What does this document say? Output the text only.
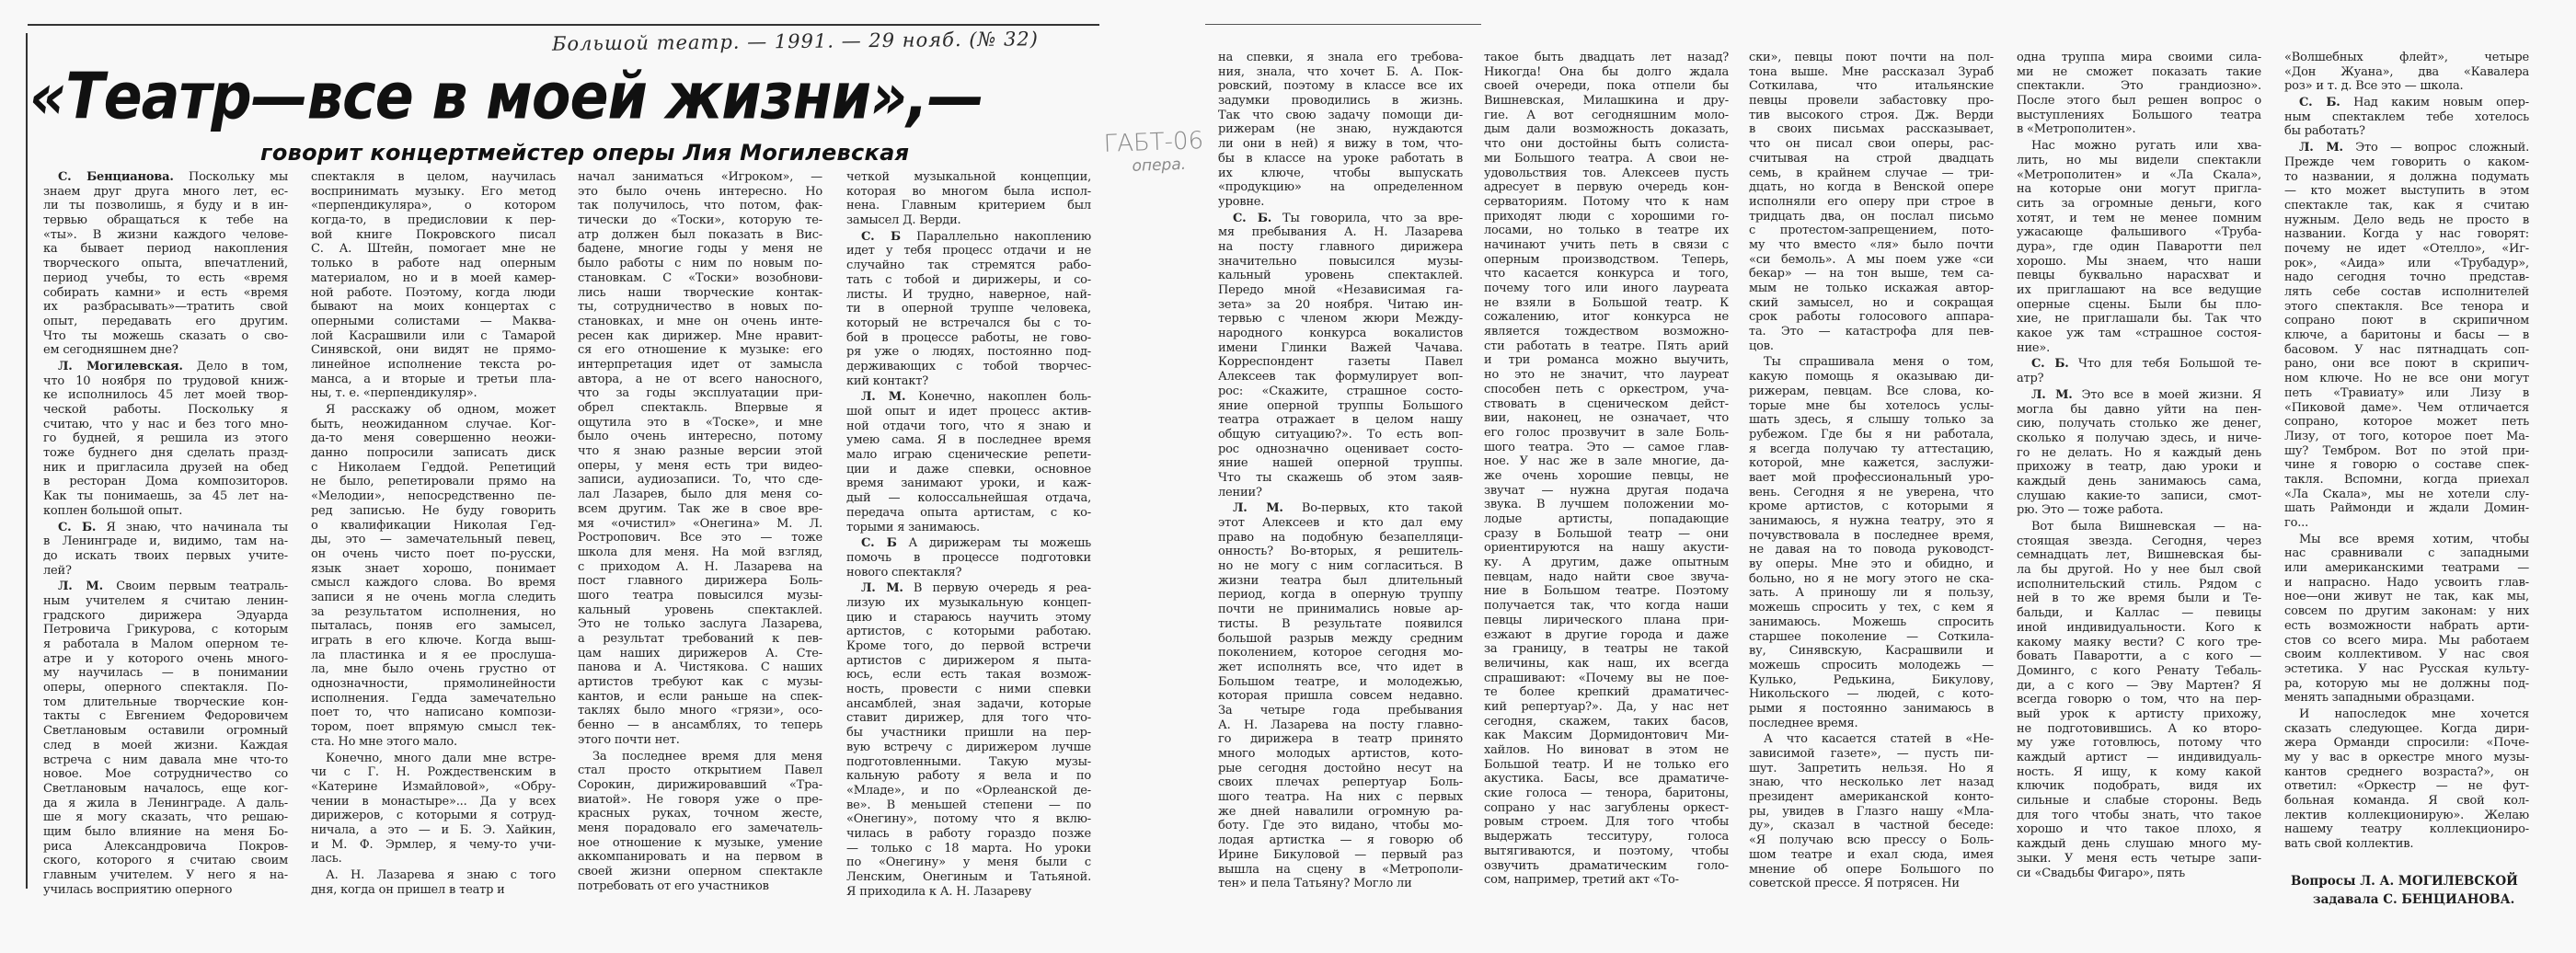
Большой театр. — 1991. — 29 нояб. (№ 32)
ГАБТ-06
опера.
«Театр—все в моей жизни»,—
говорит концертмейстер оперы Лия Могилевская
С. Бенцианова. Поскольку мы
знаем друг друга много лет, ес-
ли ты позволишь, я буду и в ин-
тервью обращаться к тебе на
«ты». В жизни каждого челове-
ка бывает период накопления
творческого опыта, впечатлений,
период учебы, то есть «время
собирать камни» и есть «время
их разбрасывать»—тратить свой
опыт, передавать его другим.
Что ты можешь сказать о сво-
ем сегодняшнем дне?
Л. Могилевская. Дело в том,
что 10 ноября по трудовой книж-
ке исполнилось 45 лет моей твор-
ческой работы. Поскольку я
считаю, что у нас и без того мно-
го будней, я решила из этого
тоже буднего дня сделать празд-
ник и пригласила друзей на обед
в ресторан Дома композиторов.
Как ты понимаешь, за 45 лет на-
коплен большой опыт.
С. Б. Я знаю, что начинала ты
в Ленинграде и, видимо, там на-
до искать твоих первых учите-
лей?
Л. М. Своим первым театраль-
ным учителем я считаю ленин-
градского дирижера Эдуарда
Петровича Грикурова, с которым
я работала в Малом оперном те-
атре и у которого очень много-
му научилась — в понимании
оперы, оперного спектакля. По-
том длительные творческие кон-
такты с Евгением Федоровичем
Светлановым оставили огромный
след в моей жизни. Каждая
встреча с ним давала мне что-то
новое. Мое сотрудничество со
Светлановым началось, еще ког-
да я жила в Ленинграде. А даль-
ше я могу сказать, что решаю-
щим было влияние на меня Бо-
риса Александровича Покров-
ского, которого я считаю своим
главным учителем. У него я на-
училась восприятию оперного
спектакля в целом, научилась
воспринимать музыку. Его метод
«перпендикуляра», о котором
когда-то, в предисловии к пер-
вой книге Покровского писал
С. А. Штейн, помогает мне не
только в работе над оперным
материалом, но и в моей камер-
ной работе. Поэтому, когда люди
бывают на моих концертах с
оперными солистами — Маква-
лой Касрашвили или с Тамарой
Синявской, они видят не прямо-
линейное исполнение текста ро-
манса, а и вторые и третьи пла-
ны, т. е. «перпендикуляр».
Я расскажу об одном, может
быть, неожиданном случае. Ког-
да-то меня совершенно неожи-
данно попросили записать диск
с Николаем Геддой. Репетиций
не было, репетировали прямо на
«Мелодии», непосредственно пе-
ред записью. Не буду говорить
о квалификации Николая Гед-
ды, это — замечательный певец,
он очень чисто поет по-русски,
язык знает хорошо, понимает
смысл каждого слова. Во время
записи я не очень могла следить
за результатом исполнения, но
пыталась, поняв его замысел,
играть в его ключе. Когда выш-
ла пластинка и я ее прослуша-
ла, мне было очень грустно от
однозначности, прямолинейности
исполнения. Гедда замечательно
поет то, что написано компози-
тором, поет впрямую смысл тек-
ста. Но мне этого мало.
Конечно, много дали мне встре-
чи с Г. Н. Рождественским в
«Катерине Измайловой», «Обру-
чении в монастыре»... Да у всех
дирижеров, с которыми я сотруд-
ничала, а это — и Б. Э. Хайкин,
и М. Ф. Эрмлер, я чему-то учи-
лась.
А. Н. Лазарева я знаю с того
дня, когда он пришел в театр и
начал заниматься «Игроком», —
это было очень интересно. Но
так получилось, что потом, фак-
тически до «Тоски», которую те-
атр должен был показать в Вис-
бадене, многие годы у меня не
было работы с ним по новым по-
становкам. С «Тоски» возобнови-
лись наши творческие контак-
ты, сотрудничество в новых по-
становках, и мне он очень инте-
ресен как дирижер. Мне нравит-
ся его отношение к музыке: его
интерпретация идет от замысла
автора, а не от всего наносного,
что за годы эксплуатации при-
обрел спектакль. Впервые я
ощутила это в «Тоске», и мне
было очень интересно, потому
что я знаю разные версии этой
оперы, у меня есть три видео-
записи, аудиозаписи. То, что сде-
лал Лазарев, было для меня со-
всем другим. Так же в свое вре-
мя «очистил» «Онегина» М. Л.
Ростропович. Все это — тоже
школа для меня. На мой взгляд,
с приходом А. Н. Лазарева на
пост главного дирижера Боль-
шого театра повысился музы-
кальный уровень спектаклей.
Это не только заслуга Лазарева,
а результат требований к пев-
цам наших дирижеров А. Сте-
панова и А. Чистякова. С наших
артистов требуют как с музы-
кантов, и если раньше на спек-
таклях было много «грязи», осо-
бенно — в ансамблях, то теперь
этого почти нет.
За последнее время для меня
стал просто открытием Павел
Сорокин, дирижировавший «Тра-
виатой». Не говоря уже о пре-
красных руках, точном жесте,
меня порадовало его замечатель-
ное отношение к музыке, умение
аккомпанировать и на первом в
своей жизни оперном спектакле
потребовать от его участников
четкой музыкальной концепции,
которая во многом была испол-
нена. Главным критерием был
замысел Д. Верди.
С. Б Параллельно накоплению
идет у тебя процесс отдачи и не
случайно так стремятся рабо-
тать с тобой и дирижеры, и со-
листы. И трудно, наверное, най-
ти в оперной труппе человека,
который не встречался бы с то-
бой в процессе работы, не гово-
ря уже о людях, постоянно под-
держивающих с тобой творчес-
кий контакт?
Л. М. Конечно, накоплен боль-
шой опыт и идет процесс актив-
ной отдачи того, что я знаю и
умею сама. Я в последнее время
мало играю сценические репети-
ции и даже спевки, основное
время занимают уроки, и каж-
дый — колоссальнейшая отдача,
передача опыта артистам, с ко-
торыми я занимаюсь.
С. Б А дирижерам ты можешь
помочь в процессе подготовки
нового спектакля?
Л. М. В первую очередь я реа-
лизую их музыкальную концеп-
цию и стараюсь научить этому
артистов, с которыми работаю.
Кроме того, до первой встречи
артистов с дирижером я пыта-
юсь, если есть такая возмож-
ность, провести с ними спевки
ансамблей, зная задачи, которые
ставит дирижер, для того что-
бы участники пришли на пер-
вую встречу с дирижером лучше
подготовленными. Такую музы-
кальную работу я вела и по
«Младе», и по «Орлеанской де-
ве». В меньшей степени — по
«Онегину», потому что я вклю-
чилась в работу гораздо позже
— только с 18 марта. Но уроки
по «Онегину» у меня были с
Ленским, Онегиным и Татьяной.
Я приходила к А. Н. Лазареву
на спевки, я знала его требова-
ния, знала, что хочет Б. А. Пок-
ровский, поэтому в классе все их
задумки проводились в жизнь.
Так что свою задачу помощи ди-
рижерам (не знаю, нуждаются
ли они в ней) я вижу в том, что-
бы в классе на уроке работать в
их ключе, чтобы выпускать
«продукцию» на определенном
уровне.
С. Б. Ты говорила, что за вре-
мя пребывания А. Н. Лазарева
на посту главного дирижера
значительно повысился музы-
кальный уровень спектаклей.
Передо мной «Независимая га-
зета» за 20 ноября. Читаю ин-
тервью с членом жюри Между-
народного конкурса вокалистов
имени Глинки Важей Чачава.
Корреспондент газеты Павел
Алексеев так формулирует воп-
рос: «Скажите, страшное состо-
яние оперной труппы Большого
театра отражает в целом нашу
общую ситуацию?». То есть воп-
рос однозначно оценивает состо-
яние нашей оперной труппы.
Что ты скажешь об этом заяв-
лении?
Л. М. Во-первых, кто такой
этот Алексеев и кто дал ему
право на подобную безапелляци-
онность? Во-вторых, я решитель-
но не могу с ним согласиться. В
жизни театра был длительный
период, когда в оперную труппу
почти не принимались новые ар-
тисты. В результате появился
большой разрыв между средним
поколением, которое сегодня мо-
жет исполнять все, что идет в
Большом театре, и молодежью,
которая пришла совсем недавно.
За четыре года пребывания
А. Н. Лазарева на посту главно-
го дирижера в театр принято
много молодых артистов, кото-
рые сегодня достойно несут на
своих плечах репертуар Боль-
шого театра. На них с первых
же дней навалили огромную ра-
боту. Где это видано, чтобы мо-
лодая артистка — я говорю об
Ирине Бикуловой — первый раз
вышла на сцену в «Метрополи-
тен» и пела Татьяну? Могло ли
такое быть двадцать лет назад?
Никогда! Она бы долго ждала
своей очереди, пока отпели бы
Вишневская, Милашкина и дру-
гие. А вот сегодняшним моло-
дым дали возможность доказать,
что они достойны быть солиста-
ми Большого театра. А свои не-
удовольствия тов. Алексеев пусть
адресует в первую очередь кон-
серваториям. Потому что к нам
приходят люди с хорошими го-
лосами, но только в театре их
начинают учить петь в связи с
оперным производством. Теперь,
что касается конкурса и того,
почему того или иного лауреата
не взяли в Большой театр. К
сожалению, итог конкурса не
является тождеством возможно-
сти работать в театре. Пять арий
и три романса можно выучить,
но это не значит, что лауреат
способен петь с оркестром, уча-
ствовать в сценическом дейст-
вии, наконец, не означает, что
его голос прозвучит в зале Боль-
шого театра. Это — самое глав-
ное. У нас же в зале многие, да-
же очень хорошие певцы, не
звучат — нужна другая подача
звука. В лучшем положении мо-
лодые артисты, попадающие
сразу в Большой театр — они
ориентируются на нашу акусти-
ку. А другим, даже опытным
певцам, надо найти свое звуча-
ние в Большом театре. Поэтому
получается так, что когда наши
певцы лирического плана при-
езжают в другие города и даже
за границу, в театры не такой
величины, как наш, их всегда
спрашивают: «Почему вы не пое-
те более крепкий драматичес-
кий репертуар?». Да, у нас нет
сегодня, скажем, таких басов,
как Максим Дормидонтович Ми-
хайлов. Но виноват в этом не
Большой театр. И не только его
акустика. Басы, все драматиче-
ские голоса — тенора, баритоны,
сопрано у нас загублены оркест-
ровым строем. Для того чтобы
выдержать тесситуру, голоса
вытягиваются, и поэтому, чтобы
озвучить драматическим голо-
сом, например, третий акт «То-
ски», певцы поют почти на пол-
тона выше. Мне рассказал Зураб
Соткилава, что итальянские
певцы провели забастовку про-
тив высокого строя. Дж. Верди
в своих письмах рассказывает,
что он писал свои оперы, рас-
считывая на строй двадцать
семь, в крайнем случае — три-
дцать, но когда в Венской опере
исполняли его оперу при строе в
тридцать два, он послал письмо
с протестом-запрещением, пото-
му что вместо «ля» было почти
«си бемоль». А мы поем уже «си
бекар» — на тон выше, тем са-
мым не только искажая автор-
ский замысел, но и сокращая
срок работы голосового аппара-
та. Это — катастрофа для пев-
цов.
Ты спрашивала меня о том,
какую помощь я оказываю ди-
рижерам, певцам. Все слова, ко-
торые мне бы хотелось услы-
шать здесь, я слышу только за
рубежом. Где бы я ни работала,
я всегда получаю ту аттестацию,
которой, мне кажется, заслужи-
вает мой профессиональный уро-
вень. Сегодня я не уверена, что
кроме артистов, с которыми я
занимаюсь, я нужна театру, это я
почувствовала в последнее время,
не давая на то повода руководст-
ву оперы. Мне это и обидно, и
больно, но я не могу этого не ска-
зать. А приношу ли я пользу,
можешь спросить у тех, с кем я
занимаюсь. Можешь спросить
старшее поколение — Соткила-
ву, Синявскую, Касрашвили и
можешь спросить молодежь —
Кулько, Редькина, Бикулову,
Никольского — людей, с кото-
рыми я постоянно занимаюсь в
последнее время.
А что касается статей в «Не-
зависимой газете», — пусть пи-
шут. Запретить нельзя. Но я
знаю, что несколько лет назад
президент американской конто-
ры, увидев в Глазго нашу «Мла-
ду», сказал в частной беседе:
«Я получаю всю прессу о Боль-
шом театре и ехал сюда, имея
мнение об опере Большого по
советской прессе. Я потрясен. Ни
одна труппа мира своими сила-
ми не сможет показать такие
спектакли. Это грандиозно».
После этого был решен вопрос о
выступлениях Большого театра
в «Метрополитен».
Нас можно ругать или хва-
лить, но мы видели спектакли
«Метрополитен» и «Ла Скала»,
на которые они могут пригла-
сить за огромные деньги, кого
хотят, и тем не менее помним
ужасающе фальшивого «Труба-
дура», где один Паваротти пел
хорошо. Мы знаем, что наши
певцы буквально нарасхват и
их приглашают на все ведущие
оперные сцены. Были бы пло-
хие, не приглашали бы. Так что
какое уж там «страшное состоя-
ние».
С. Б. Что для тебя Большой те-
атр?
Л. М. Это все в моей жизни. Я
могла бы давно уйти на пен-
сию, получать столько же денег,
сколько я получаю здесь, и ниче-
го не делать. Но я каждый день
прихожу в театр, даю уроки и
каждый день занимаюсь сама,
слушаю какие-то записи, смот-
рю. Это — тоже работа.
Вот была Вишневская — на-
стоящая звезда. Сегодня, через
семнадцать лет, Вишневская бы-
ла бы другой. Но у нее был свой
исполнительский стиль. Рядом с
ней в то же время были и Те-
бальди, и Каллас — певицы
иной индивидуальности. Кого к
какому маяку вести? С кого тре-
бовать Паваротти, а с кого —
Доминго, с кого Ренату Тебаль-
ди, а с кого — Эву Мартен? Я
всегда говорю о том, что на пер-
вый урок к артисту прихожу,
не подготовившись. А ко второ-
му уже готовлюсь, потому что
каждый артист — индивидуаль-
ность. Я ищу, к кому какой
ключик подобрать, видя их
сильные и слабые стороны. Ведь
для того чтобы знать, что такое
хорошо и что такое плохо, я
каждый день слушаю много му-
зыки. У меня есть четыре запи-
си «Свадьбы Фигаро», пять
«Волшебных флейт», четыре
«Дон Жуана», два «Кавалера
роз» и т. д. Все это — школа.
С. Б. Над каким новым опер-
ным спектаклем тебе хотелось
бы работать?
Л. М. Это — вопрос сложный.
Прежде чем говорить о каком-
то названии, я должна подумать
— кто может выступить в этом
спектакле так, как я считаю
нужным. Дело ведь не просто в
названии. Когда у нас говорят:
почему не идет «Отелло», «Иг-
рок», «Аида» или «Трубадур»,
надо сегодня точно представ-
лять себе состав исполнителей
этого спектакля. Все тенора и
сопрано поют в скрипичном
ключе, а баритоны и басы — в
басовом. У нас пятнадцать соп-
рано, они все поют в скрипич-
ном ключе. Но не все они могут
петь «Травиату» или Лизу в
«Пиковой даме». Чем отличается
сопрано, которое может петь
Лизу, от того, которое поет Ма-
шу? Тембром. Вот по этой при-
чине я говорю о составе спек-
такля. Вспомни, когда приехал
«Ла Скала», мы не хотели слу-
шать Раймонди и ждали Домин-
го...
Мы все время хотим, чтобы
нас сравнивали с западными
или американскими театрами —
и напрасно. Надо усвоить глав-
ное—они живут не так, как мы,
совсем по другим законам: у них
есть возможности набрать арти-
стов со всего мира. Мы работаем
своим коллективом. У нас своя
эстетика. У нас Русская культу-
ра, которую мы не должны под-
менять западными образцами.
И напоследок мне хочется
сказать следующее. Когда дири-
жера Орманди спросили: «Поче-
му у вас в оркестре много музы-
кантов среднего возраста?», он
ответил: «Оркестр — не фут-
больная команда. Я свой кол-
лектив коллекционирую». Желаю
нашему театру коллекциониро-
вать свой коллектив.
Вопросы Л. А. МОГИЛЕВСКОЙ
задавала С. БЕНЦИАНОВА.
